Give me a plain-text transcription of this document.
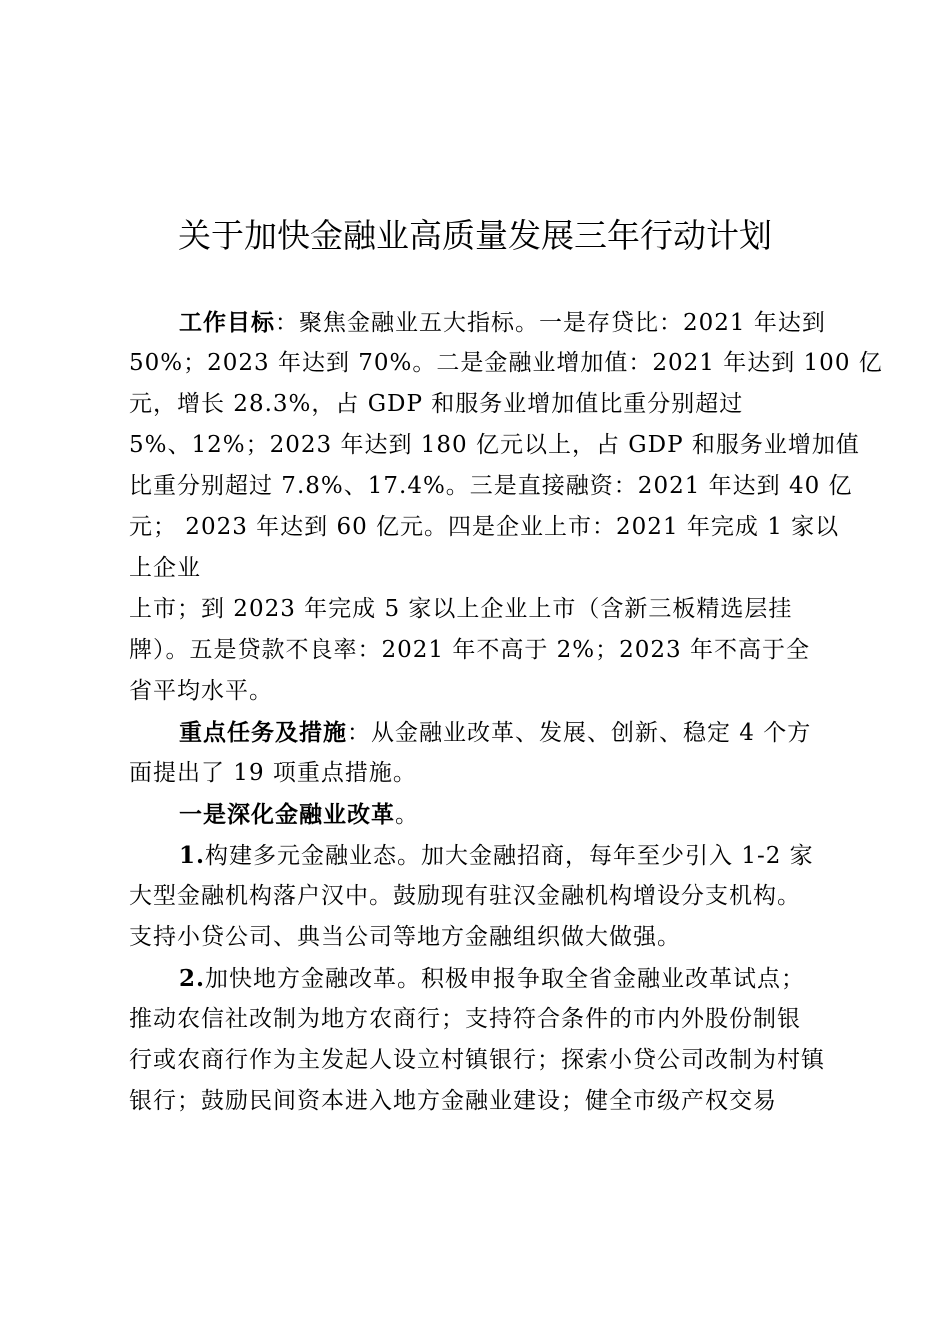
关于加快金融业高质量发展三年行动计划
工作目标：聚焦金融业五大指标。一是存贷比：2021 年达到
50%；2023 年达到 70%。二是金融业增加值：2021 年达到 100 亿
元，增长 28.3%，占 GDP 和服务业增加值比重分别超过
5%、12%；2023 年达到 180 亿元以上，占 GDP 和服务业增加值
比重分别超过 7.8%、17.4%。三是直接融资：2021 年达到 40 亿
元； 2023 年达到 60 亿元。四是企业上市：2021 年完成 1 家以
上企业
上市；到 2023 年完成 5 家以上企业上市（含新三板精选层挂
牌）。五是贷款不良率：2021 年不高于 2%；2023 年不高于全
省平均水平。
重点任务及措施：从金融业改革、发展、创新、稳定 4 个方
面提出了 19 项重点措施。
一是深化金融业改革。
1.构建多元金融业态。加大金融招商，每年至少引入 1-2 家
大型金融机构落户汉中。鼓励现有驻汉金融机构增设分支机构。
支持小贷公司、典当公司等地方金融组织做大做强。
2.加快地方金融改革。积极申报争取全省金融业改革试点；
推动农信社改制为地方农商行；支持符合条件的市内外股份制银
行或农商行作为主发起人设立村镇银行；探索小贷公司改制为村镇
银行；鼓励民间资本进入地方金融业建设；健全市级产权交易
